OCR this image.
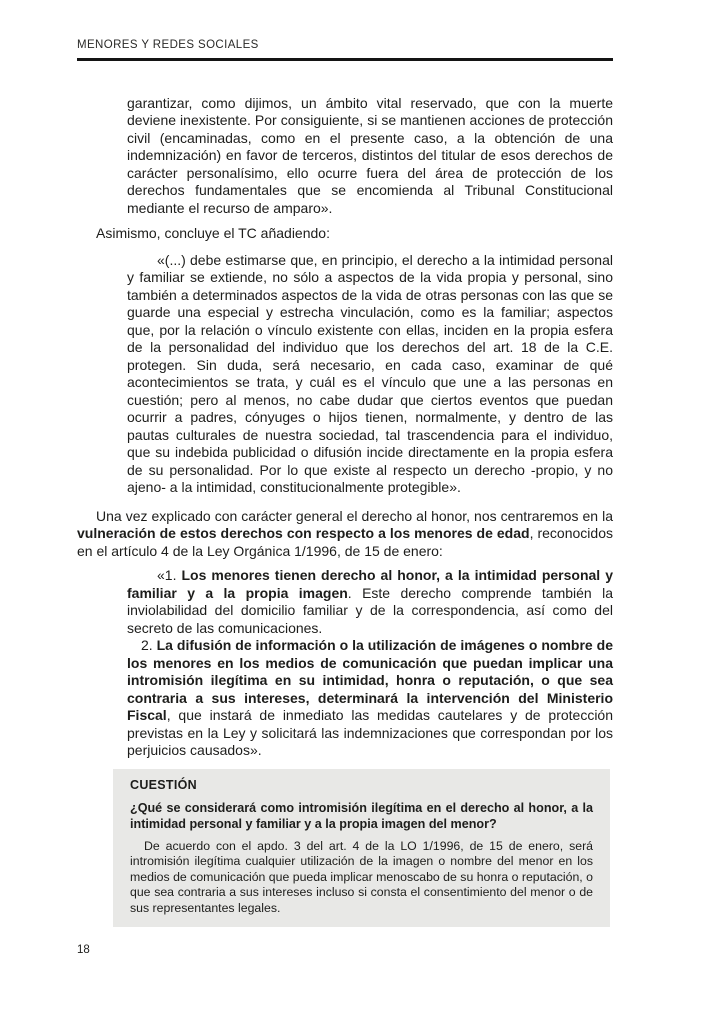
MENORES Y REDES SOCIALES

garantizar, como dijimos, un ámbito vital reservado, que con la muerte deviene inexistente. Por consiguiente, si se mantienen acciones de protección civil (encaminadas, como en el presente caso, a la obtención de una indemnización) en favor de terceros, distintos del titular de esos derechos de carácter personalísimo, ello ocurre fuera del área de protección de los derechos fundamentales que se encomienda al Tribunal Constitucional mediante el recurso de amparo».

Asimismo, concluye el TC añadiendo:

«(...) debe estimarse que, en principio, el derecho a la intimidad personal y familiar se extiende, no sólo a aspectos de la vida propia y personal, sino también a determinados aspectos de la vida de otras personas con las que se guarde una especial y estrecha vinculación, como es la familiar; aspectos que, por la relación o vínculo existente con ellas, inciden en la propia esfera de la personalidad del individuo que los derechos del art. 18 de la C.E. protegen. Sin duda, será necesario, en cada caso, examinar de qué acontecimientos se trata, y cuál es el vínculo que une a las personas en cuestión; pero al menos, no cabe dudar que ciertos eventos que puedan ocurrir a padres, cónyuges o hijos tienen, normalmente, y dentro de las pautas culturales de nuestra sociedad, tal trascendencia para el individuo, que su indebida publicidad o difusión incide directamente en la propia esfera de su personalidad. Por lo que existe al respecto un derecho -propio, y no ajeno- a la intimidad, constitucionalmente protegible».

Una vez explicado con carácter general el derecho al honor, nos centraremos en la vulneración de estos derechos con respecto a los menores de edad, reconocidos en el artículo 4 de la Ley Orgánica 1/1996, de 15 de enero:

«1. Los menores tienen derecho al honor, a la intimidad personal y familiar y a la propia imagen. Este derecho comprende también la inviolabilidad del domicilio familiar y de la correspondencia, así como del secreto de las comunicaciones.

2. La difusión de información o la utilización de imágenes o nombre de los menores en los medios de comunicación que puedan implicar una intromisión ilegítima en su intimidad, honra o reputación, o que sea contraria a sus intereses, determinará la intervención del Ministerio Fiscal, que instará de inmediato las medidas cautelares y de protección previstas en la Ley y solicitará las indemnizaciones que correspondan por los perjuicios causados».

CUESTIÓN

¿Qué se considerará como intromisión ilegítima en el derecho al honor, a la intimidad personal y familiar y a la propia imagen del menor?

De acuerdo con el apdo. 3 del art. 4 de la LO 1/1996, de 15 de enero, será intromisión ilegítima cualquier utilización de la imagen o nombre del menor en los medios de comunicación que pueda implicar menoscabo de su honra o reputación, o que sea contraria a sus intereses incluso si consta el consentimiento del menor o de sus representantes legales.

18
